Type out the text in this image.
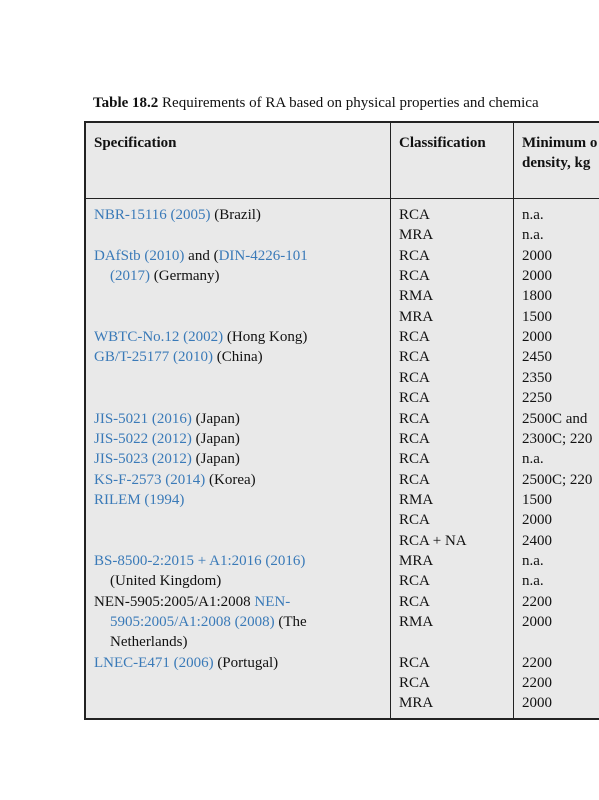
Table 18.2 Requirements of RA based on physical properties and chemica
Specification	Classification Minimum o
density, kg
NBR-15116 (2005) (Brazil)
DAfStb (2010) and (DIN-4226-101
(2017) (Germany)
WBTC-No.12 (2002) (Hong Kong)
GB/T-25177 (2010) (China)
JIS-5021 (2016) (Japan)
JIS-5022 (2012) (Japan)
JIS-5023 (2012) (Japan)
KS-F-2573 (2014) (Korea)
RILEM (1994)
BS-8500-2:2015 + A1:2016 (2016)
(United Kingdom)
NEN-5905:2005/A1:2008 NEN-
5905:2005/A1:2008 (2008) (The
Netherlands)
LNEC-E471 (2006) (Portugal)
RCA
MRA
RCA
RCA
RMA
MRA
RCA
RCA
RCA
RCA
RCA
RCA
RCA
RCA
RMA
RCA
RCA + NA
MRA
RCA
RCA
RMA
RCA
RCA
MRA
n.a.
n.a.
2000
2000
1800
1500
2000
2450
2350
2250
2500C and
2300C; 220
n.a.
2500C; 220
1500
2000
2400
n.a.
n.a.
2200
2000
2200
2200
2000
